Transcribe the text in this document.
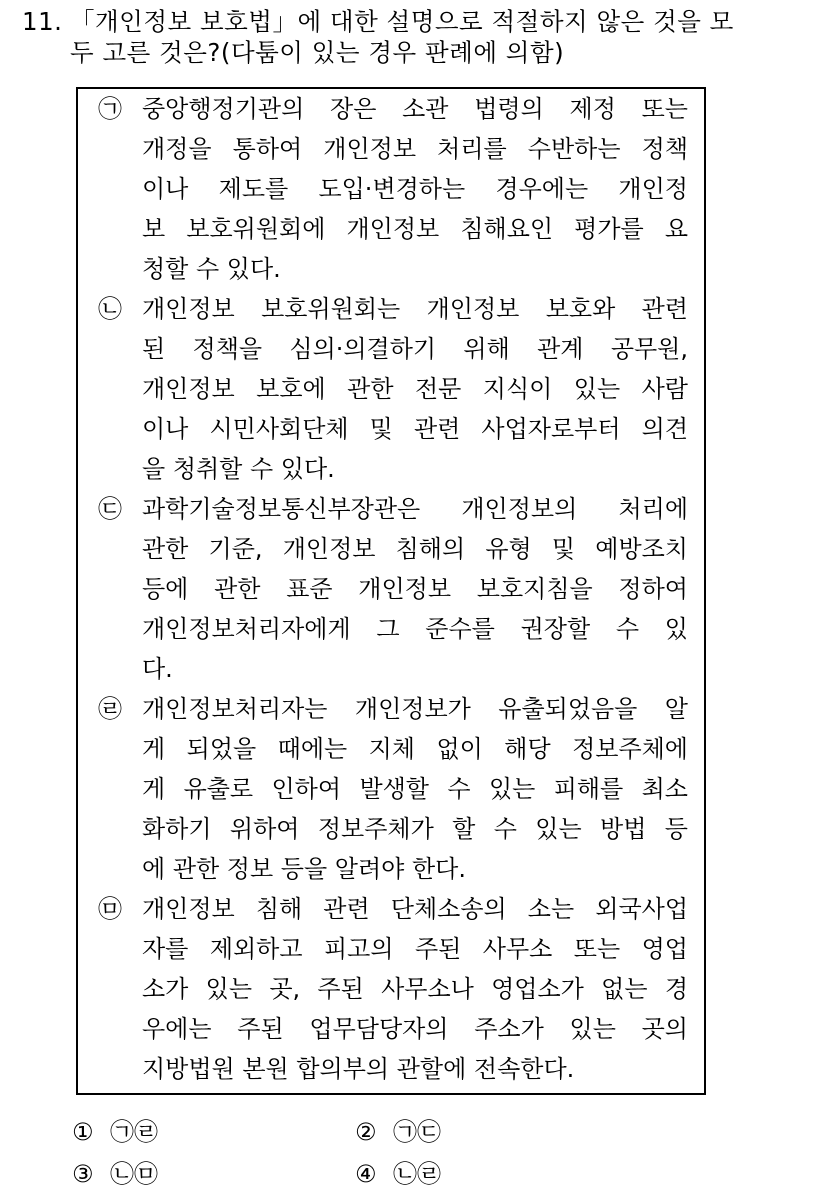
11. 「개인정보 보호법」에 대한 설명으로 적절하지 않은 것을 모
두 고른 것은?(다툼이 있는 경우 판례에 의함)
㉠ 중앙행정기관의 장은 소관 법령의 제정 또는
개정을 통하여 개인정보 처리를 수반하는 정책
이나 제도를 도입·변경하는 경우에는 개인정
보 보호위원회에 개인정보 침해요인 평가를 요
청할 수 있다.
㉡ 개인정보 보호위원회는 개인정보 보호와 관련
된 정책을 심의·의결하기 위해 관계 공무원,
개인정보 보호에 관한 전문 지식이 있는 사람
이나 시민사회단체 및 관련 사업자로부터 의견
을 청취할 수 있다.
㉢ 과학기술정보통신부장관은 개인정보의 처리에
관한 기준, 개인정보 침해의 유형 및 예방조치
등에 관한 표준 개인정보 보호지침을 정하여
개인정보처리자에게 그 준수를 권장할 수 있
다.
㉣ 개인정보처리자는 개인정보가 유출되었음을 알
게 되었을 때에는 지체 없이 해당 정보주체에
게 유출로 인하여 발생할 수 있는 피해를 최소
화하기 위하여 정보주체가 할 수 있는 방법 등
에 관한 정보 등을 알려야 한다.
㉤ 개인정보 침해 관련 단체소송의 소는 외국사업
자를 제외하고 피고의 주된 사무소 또는 영업
소가 있는 곳, 주된 사무소나 영업소가 없는 경
우에는 주된 업무담당자의 주소가 있는 곳의
지방법원 본원 합의부의 관할에 전속한다.
① ㉠㉣	② ㉠㉢
③ ㉡㉤	④ ㉡㉣
